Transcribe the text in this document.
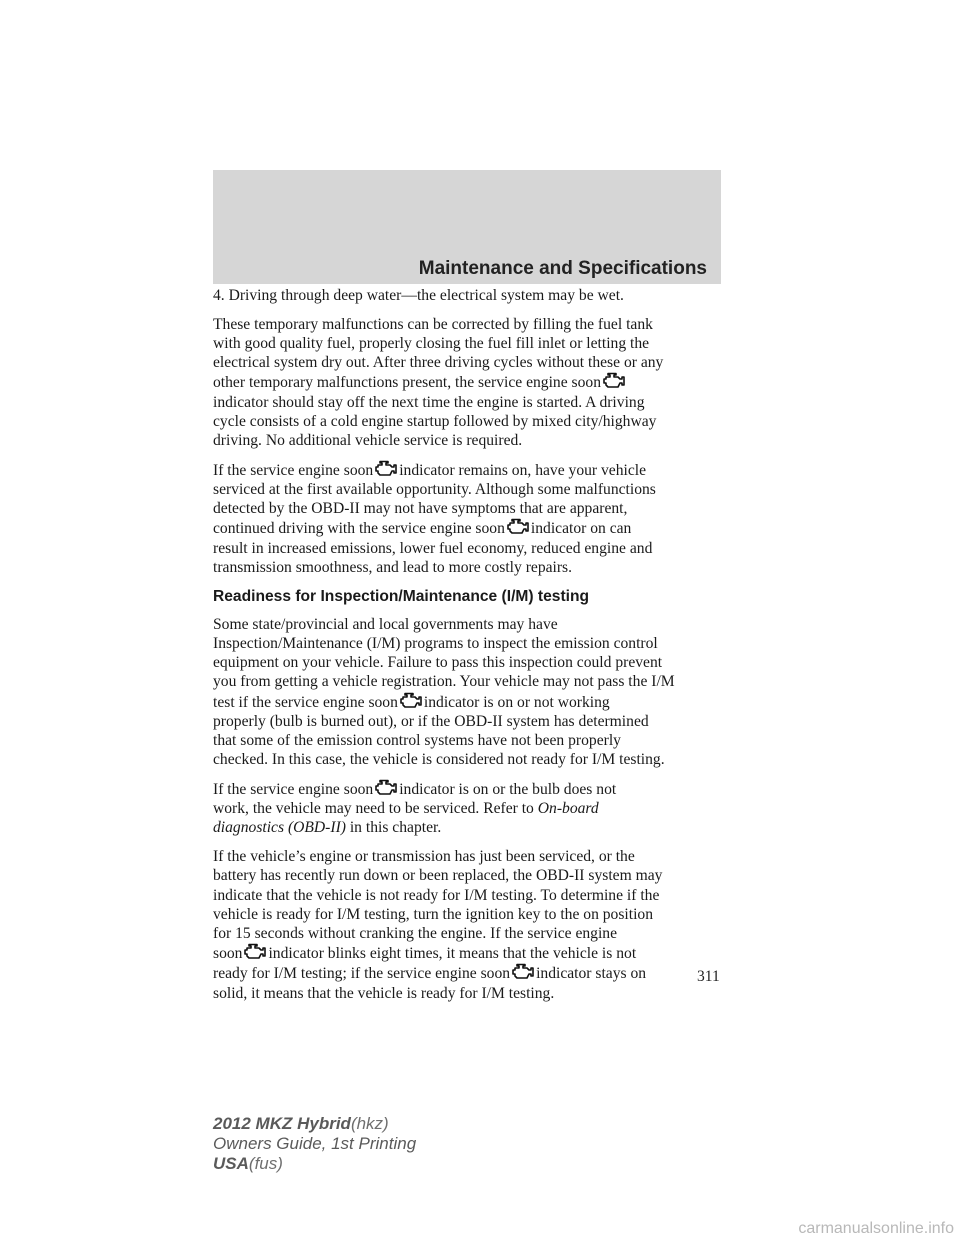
Maintenance and Specifications

4. Driving through deep water—the electrical system may be wet.

These temporary malfunctions can be corrected by filling the fuel tank
with good quality fuel, properly closing the fuel fill inlet or letting the
electrical system dry out. After three driving cycles without these or any
other temporary malfunctions present, the service engine soon
indicator should stay off the next time the engine is started. A driving
cycle consists of a cold engine startup followed by mixed city/highway
driving. No additional vehicle service is required.

If the service engine soon indicator remains on, have your vehicle
serviced at the first available opportunity. Although some malfunctions
detected by the OBD-II may not have symptoms that are apparent,
continued driving with the service engine soon indicator on can
result in increased emissions, lower fuel economy, reduced engine and
transmission smoothness, and lead to more costly repairs.

Readiness for Inspection/Maintenance (I/M) testing

Some state/provincial and local governments may have
Inspection/Maintenance (I/M) programs to inspect the emission control
equipment on your vehicle. Failure to pass this inspection could prevent
you from getting a vehicle registration. Your vehicle may not pass the I/M
test if the service engine soon indicator is on or not working
properly (bulb is burned out), or if the OBD-II system has determined
that some of the emission control systems have not been properly
checked. In this case, the vehicle is considered not ready for I/M testing.

If the service engine soon indicator is on or the bulb does not
work, the vehicle may need to be serviced. Refer to On-board
diagnostics (OBD-II) in this chapter.

If the vehicle’s engine or transmission has just been serviced, or the
battery has recently run down or been replaced, the OBD-II system may
indicate that the vehicle is not ready for I/M testing. To determine if the
vehicle is ready for I/M testing, turn the ignition key to the on position
for 15 seconds without cranking the engine. If the service engine
soon indicator blinks eight times, it means that the vehicle is not
ready for I/M testing; if the service engine soon indicator stays on
solid, it means that the vehicle is ready for I/M testing.

311
2012 MKZ Hybrid(hkz)
Owners Guide, 1st Printing
USA(fus)
carmanualsonline.info
